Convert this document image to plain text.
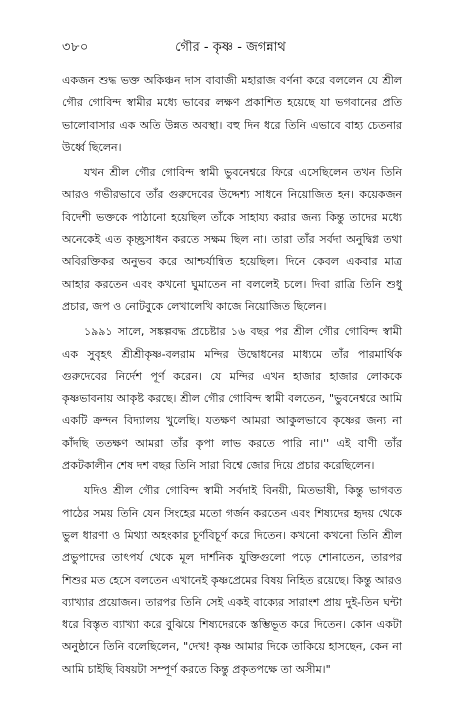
৩৮০	গৌর - কৃষ্ণ - জগন্নাথ

একজন শুদ্ধ ভক্ত অকিঞ্চন দাস বাবাজী মহারাজ বর্ণনা করে বললেন যে শ্রীল গৌর গোবিন্দ স্বামীর মধ্যে ভাবের লক্ষণ প্রকাশিত হয়েছে যা ভগবানের প্রতি ভালোবাসার এক অতি উন্নত অবস্থা। বহু দিন ধরে তিনি এভাবে বাহ্য চেতনার উর্ধ্বে ছিলেন।

যখন শ্রীল গৌর গোবিন্দ স্বামী ভুবনেশ্বরে ফিরে এসেছিলেন তখন তিনি আরও গভীরভাবে তাঁর গুরুদেবের উদ্দেশ্য সাধনে নিয়োজিত হন। কয়েকজন বিদেশী ভক্তকে পাঠানো হয়েছিল তাঁকে সাহায্য করার জন্য কিন্তু তাদের মধ্যে অনেকেই এত কৃচ্ছ্রসাধন করতে সক্ষম ছিল না। তারা তাঁর সর্বদা অনুদ্বিগ্ন তথা অবিরক্তিকর অনুভব করে আশ্চর্যান্বিত হয়েছিল। দিনে কেবল একবার মাত্র আহার করতেন এবং কখনো ঘুমাতেন না বললেই চলে। দিবা রাত্রি তিনি শুধু প্রচার, জপ ও নোটবুকে লেখালেখি কাজে নিয়োজিত ছিলেন।

১৯৯১ সালে, সঙ্কল্পবদ্ধ প্রচেষ্টার ১৬ বছর পর শ্রীল গৌর গোবিন্দ স্বামী এক সুবৃহৎ শ্রীশ্রীকৃষ্ণ-বলরাম মন্দির উদ্বোধনের মাধ্যমে তাঁর পারমার্থিক গুরুদেবের নির্দেশ পূর্ণ করেন। যে মন্দির এখন হাজার হাজার লোককে কৃষ্ণভাবনায় আকৃষ্ট করছে। শ্রীল গৌর গোবিন্দ স্বামী বলতেন, "ভুবনেশ্বরে আমি একটি ক্রন্দন বিদ্যালয় খুলেছি। যতক্ষণ আমরা আকুলভাবে কৃষ্ণের জন্য না কাঁদছি ততক্ষণ আমরা তাঁর কৃপা লাভ করতে পারি না।'' এই বাণী তাঁর প্রকটকালীন শেষ দশ বছর তিনি সারা বিশ্বে জোর দিয়ে প্রচার করেছিলেন।

যদিও শ্রীল গৌর গোবিন্দ স্বামী সর্বদাই বিনয়ী, মিতভাষী, কিন্তু ভাগবত পাঠের সময় তিনি যেন সিংহের মতো গর্জন করতেন এবং শিষ্যদের হৃদয় থেকে ভুল ধারণা ও মিথ্যা অহংকার চূর্ণবিচূর্ণ করে দিতেন। কখনো কখনো তিনি শ্রীল প্রভুপাদের তাৎপর্য থেকে মূল দার্শনিক যুক্তিগুলো পড়ে শোনাতেন, তারপর শিশুর মত হেসে বলতেন এখানেই কৃষ্ণপ্রেমের বিষয় নিহিত রয়েছে। কিন্তু আরও ব্যাখ্যার প্রয়োজন। তারপর তিনি সেই একই বাক্যের সারাংশ প্রায় দুই-তিন ঘন্টা ধরে বিস্তৃত ব্যাখ্যা করে বুঝিয়ে শিষ্যদেরকে স্তম্ভিভূত করে দিতেন। কোন একটা অনুষ্ঠানে তিনি বলেছিলেন, "দেখ! কৃষ্ণ আমার দিকে তাকিয়ে হাসছেন, কেন না আমি চাইছি বিষয়টা সম্পূর্ণ করতে কিন্তু প্রকৃতপক্ষে তা অসীম।"
